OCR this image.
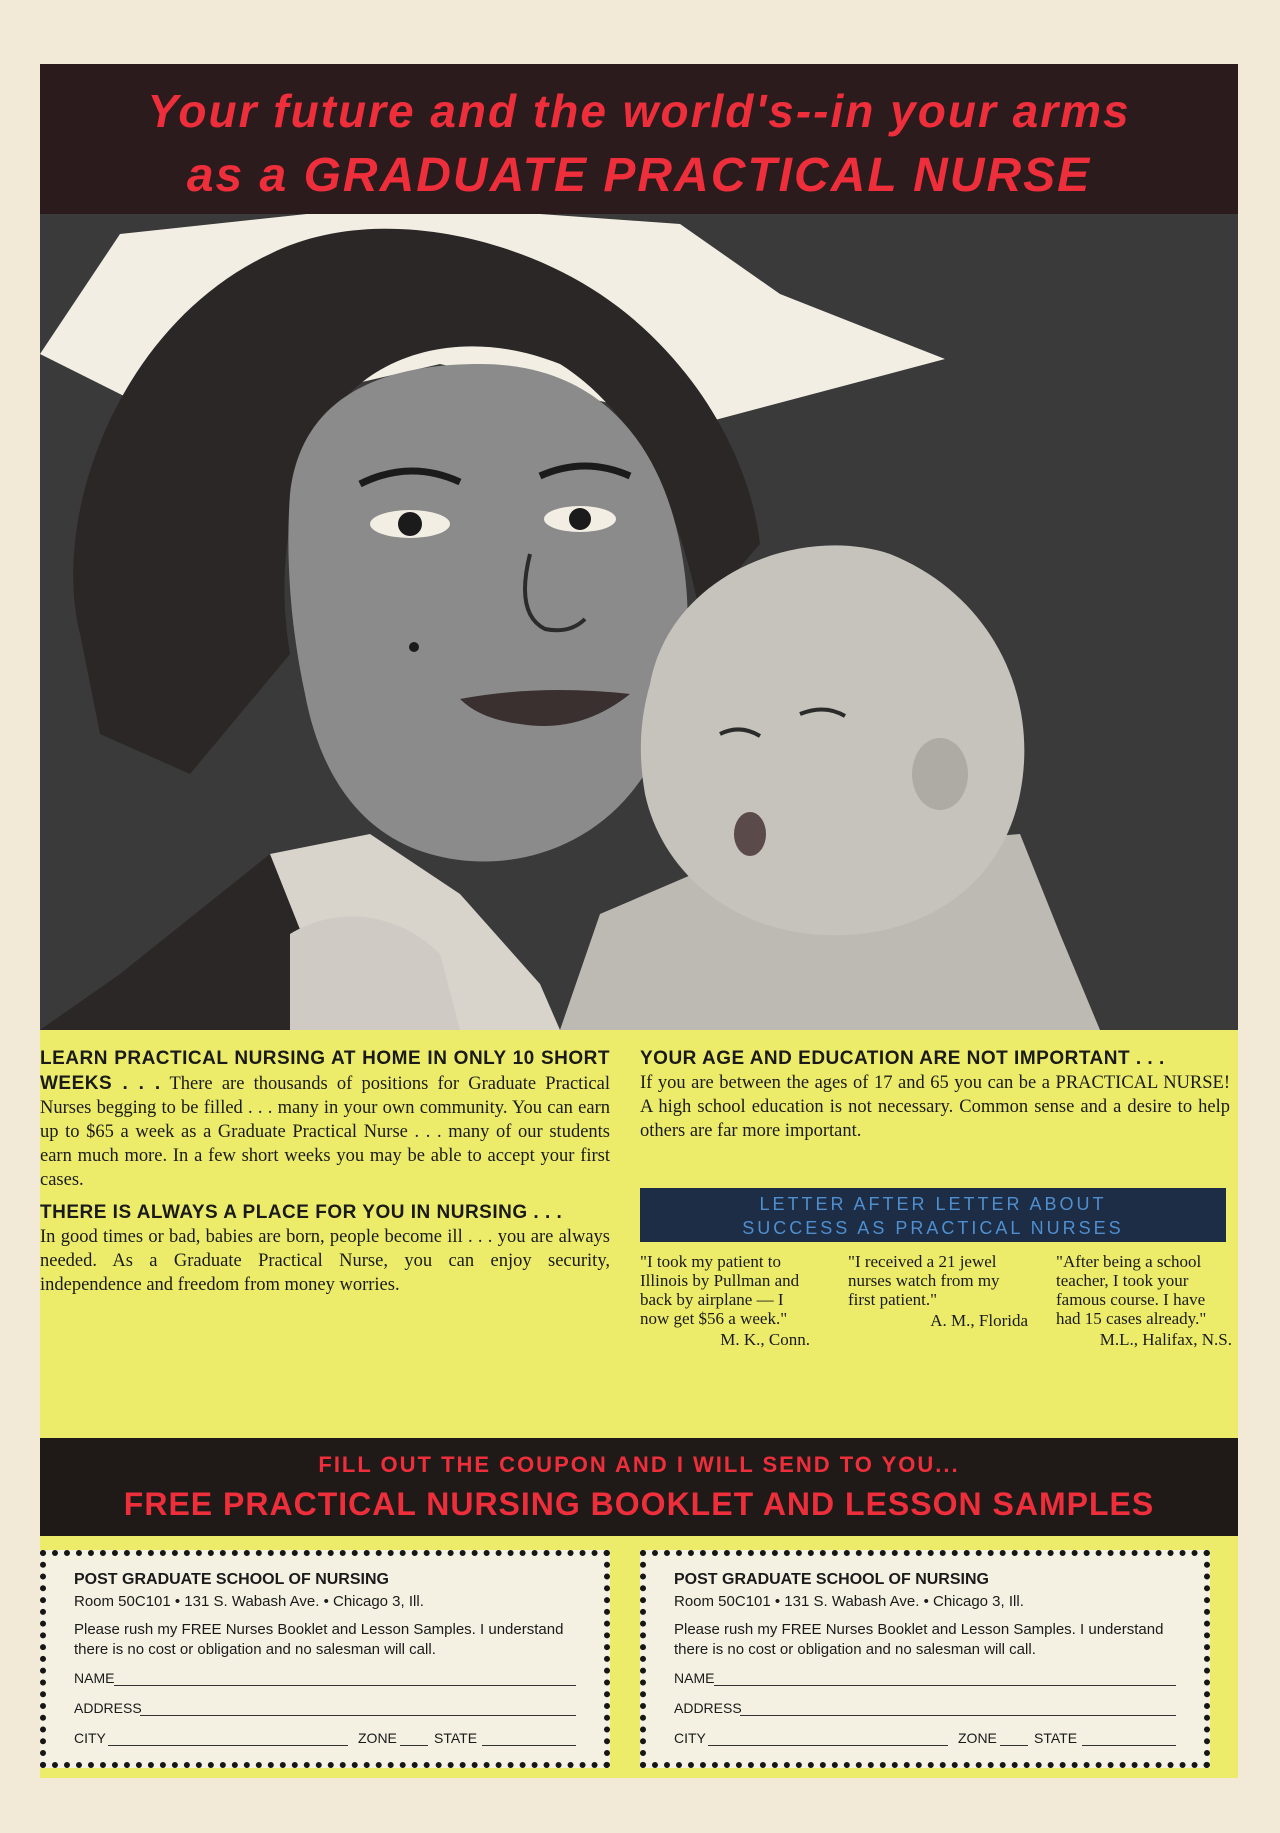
Your future and the world's--in your arms
as a GRADUATE PRACTICAL NURSE
LEARN PRACTICAL NURSING AT HOME IN ONLY 10 SHORT WEEKS . . . There are thousands of positions for Graduate Practical Nurses begging to be filled . . . many in your own community. You can earn up to $65 a week as a Graduate Practical Nurse . . . many of our students earn much more. In a few short weeks you may be able to accept your first cases.
THERE IS ALWAYS A PLACE FOR YOU IN NURSING . . .
In good times or bad, babies are born, people become ill . . . you are always needed. As a Graduate Practical Nurse, you can enjoy security, independence and freedom from money worries.
YOUR AGE AND EDUCATION ARE NOT IMPORTANT . . .
If you are between the ages of 17 and 65 you can be a PRACTICAL NURSE! A high school education is not necessary. Common sense and a desire to help others are far more important.
LETTER AFTER LETTER ABOUT
SUCCESS AS PRACTICAL NURSES
"I took my patient to Illinois by Pullman and back by airplane — I now get $56 a week."
M. K., Conn.
"I received a 21 jewel nurses watch from my first patient."
A. M., Florida
"After being a school teacher, I took your famous course. I have had 15 cases already."
M.L., Halifax, N.S.
FILL OUT THE COUPON AND I WILL SEND TO YOU...
FREE PRACTICAL NURSING BOOKLET AND LESSON SAMPLES
POST GRADUATE SCHOOL OF NURSING
Room 50C101 • 131 S. Wabash Ave. • Chicago 3, Ill.
Please rush my FREE Nurses Booklet and Lesson Samples. I understand there is no cost or obligation and no salesman will call.
NAME
ADDRESS
CITY	ZONE	STATE
POST GRADUATE SCHOOL OF NURSING
Room 50C101 • 131 S. Wabash Ave. • Chicago 3, Ill.
Please rush my FREE Nurses Booklet and Lesson Samples. I understand there is no cost or obligation and no salesman will call.
NAME
ADDRESS
CITY	ZONE	STATE
